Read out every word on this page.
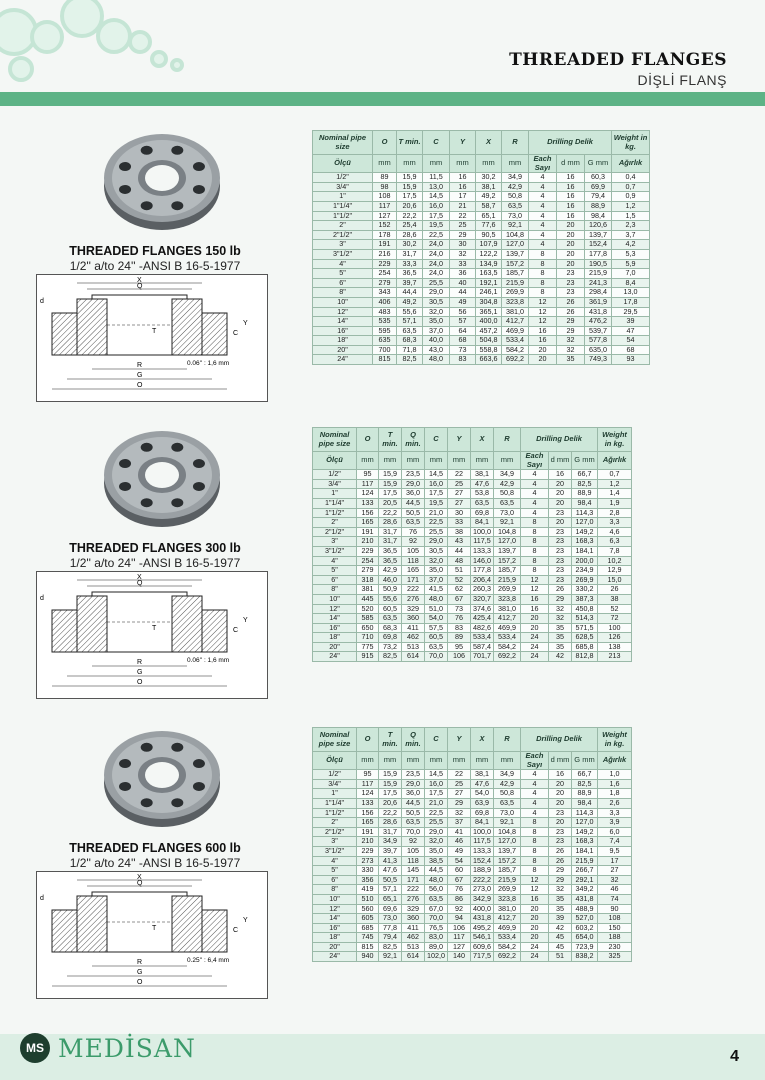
THREADED FLANGES
DİŞLİ FLANŞ
THREADED FLANGES 150 lb
1/2'' a/to 24'' -ANSI B 16-5-1977
X
Q
T
R
G
O
C
Y
d
0.06'' : 1,6 mm
Nominal pipe size	O	T min.	C	Y	X	R	Drilling Delik			Weight in kg.
Ölçü	mm	mm	mm	mm	mm	mm	Each Sayı	d mm	G mm	Ağırlık
1/2"	89	15,9	11,5	16	30,2	34,9	4	16	60,3	0,4
3/4"	98	15,9	13,0	16	38,1	42,9	4	16	69,9	0,7
1"	108	17,5	14,5	17	49,2	50,8	4	16	79,4	0,9
1"1/4"	117	20,6	16,0	21	58,7	63,5	4	16	88,9	1,2
1"1/2"	127	22,2	17,5	22	65,1	73,0	4	16	98,4	1,5
2"	152	25,4	19,5	25	77,6	92,1	4	20	120,6	2,3
2"1/2"	178	28,6	22,5	29	90,5	104,8	4	20	139,7	3,7
3"	191	30,2	24,0	30	107,9	127,0	4	20	152,4	4,2
3"1/2"	216	31,7	24,0	32	122,2	139,7	8	20	177,8	5,3
4"	229	33,3	24,0	33	134,9	157,2	8	20	190,5	5,9
5"	254	36,5	24,0	36	163,5	185,7	8	23	215,9	7,0
6"	279	39,7	25,5	40	192,1	215,9	8	23	241,3	8,4
8"	343	44,4	29,0	44	246,1	269,9	8	23	298,4	13,0
10"	406	49,2	30,5	49	304,8	323,8	12	26	361,9	17,8
12"	483	55,6	32,0	56	365,1	381,0	12	26	431,8	29,5
14"	535	57,1	35,0	57	400,0	412,7	12	29	476,2	39
16"	595	63,5	37,0	64	457,2	469,9	16	29	539,7	47
18"	635	68,3	40,0	68	504,8	533,4	16	32	577,8	54
20"	700	71,8	43,0	73	558,8	584,2	20	32	635,0	68
24"	815	82,5	48,0	83	663,6	692,2	20	35	749,3	93
THREADED FLANGES 300 lb
1/2'' a/to 24'' -ANSI B 16-5-1977
X
Q
T
R
G
O
C
Y
d
0.06'' : 1,6 mm
Nominal pipe size	O	T min.	Q min.	C	Y	X	R	Drilling Delik			Weight in kg.
Ölçü	mm	mm	mm	mm	mm	mm	mm	Each Sayı	d mm	G mm	Ağırlık
1/2"	95	15,9	23,5	14,5	22	38,1	34,9	4	16	66,7	0,7
3/4"	117	15,9	29,0	16,0	25	47,6	42,9	4	20	82,5	1,2
1"	124	17,5	36,0	17,5	27	53,8	50,8	4	20	88,9	1,4
1"1/4"	133	20,5	44,5	19,5	27	63,5	63,5	4	20	98,4	1,9
1"1/2"	156	22,2	50,5	21,0	30	69,8	73,0	4	23	114,3	2,8
2"	165	28,6	63,5	22,5	33	84,1	92,1	8	20	127,0	3,3
2"1/2"	191	31,7	76	25,5	38	100,0	104,8	8	23	149,2	4,6
3"	210	31,7	92	29,0	43	117,5	127,0	8	23	168,3	6,3
3"1/2"	229	36,5	105	30,5	44	133,3	139,7	8	23	184,1	7,8
4"	254	36,5	118	32,0	48	146,0	157,2	8	23	200,0	10,2
5"	279	42,9	165	35,0	51	177,8	185,7	8	23	234,9	12,9
6"	318	46,0	171	37,0	52	206,4	215,9	12	23	269,9	15,0
8"	381	50,9	222	41,5	62	260,3	269,9	12	26	330,2	26
10"	445	55,6	276	48,0	67	320,7	323,8	16	29	387,3	38
12"	520	60,5	329	51,0	73	374,6	381,0	16	32	450,8	52
14"	585	63,5	360	54,0	76	425,4	412,7	20	32	514,3	72
16"	650	68,3	411	57,5	83	482,6	469,9	20	35	571,5	100
18"	710	69,8	462	60,5	89	533,4	533,4	24	35	628,5	126
20"	775	73,2	513	63,5	95	587,4	584,2	24	35	685,8	138
24"	915	82,5	614	70,0	106	701,7	692,2	24	42	812,8	213
THREADED FLANGES 600 lb
1/2'' a/to 24'' -ANSI B 16-5-1977
X
Q
T
R
G
O
C
Y
d
0.25'' : 6,4 mm
Nominal pipe size	O	T min.	Q min.	C	Y	X	R	Drilling Delik			Weight in kg.
Ölçü	mm	mm	mm	mm	mm	mm	mm	Each Sayı	d mm	G mm	Ağırlık
1/2"	95	15,9	23,5	14,5	22	38,1	34,9	4	16	66,7	1,0
3/4"	117	15,9	29,0	16,0	25	47,6	42,9	4	20	82,5	1,6
1"	124	17,5	36,0	17,5	27	54,0	50,8	4	20	88,9	1,8
1"1/4"	133	20,6	44,5	21,0	29	63,9	63,5	4	20	98,4	2,6
1"1/2"	156	22,2	50,5	22,5	32	69,8	73,0	4	23	114,3	3,3
2"	165	28,6	63,5	25,5	37	84,1	92,1	8	20	127,0	3,9
2"1/2"	191	31,7	70,0	29,0	41	100,0	104,8	8	23	149,2	6,0
3"	210	34,9	92	32,0	46	117,5	127,0	8	23	168,3	7,4
3"1/2"	229	39,7	105	35,0	49	133,3	139,7	8	26	184,1	9,5
4"	273	41,3	118	38,5	54	152,4	157,2	8	26	215,9	17
5"	330	47,6	145	44,5	60	188,9	185,7	8	29	266,7	27
6"	356	50,5	171	48,0	67	222,2	215,9	12	29	292,1	32
8"	419	57,1	222	56,0	76	273,0	269,9	12	32	349,2	46
10"	510	65,1	276	63,5	86	342,9	323,8	16	35	431,8	74
12"	560	69,6	329	67,0	92	400,0	381,0	20	35	488,9	90
14"	605	73,0	360	70,0	94	431,8	412,7	20	39	527,0	108
16"	685	77,8	411	76,5	106	495,2	469,9	20	42	603,2	150
18"	745	79,4	462	83,0	117	546,1	533,4	20	45	654,0	188
20"	815	82,5	513	89,0	127	609,6	584,2	24	45	723,9	230
24"	940	92,1	614	102,0	140	717,5	692,2	24	51	838,2	325
MS MEDİSAN	4
